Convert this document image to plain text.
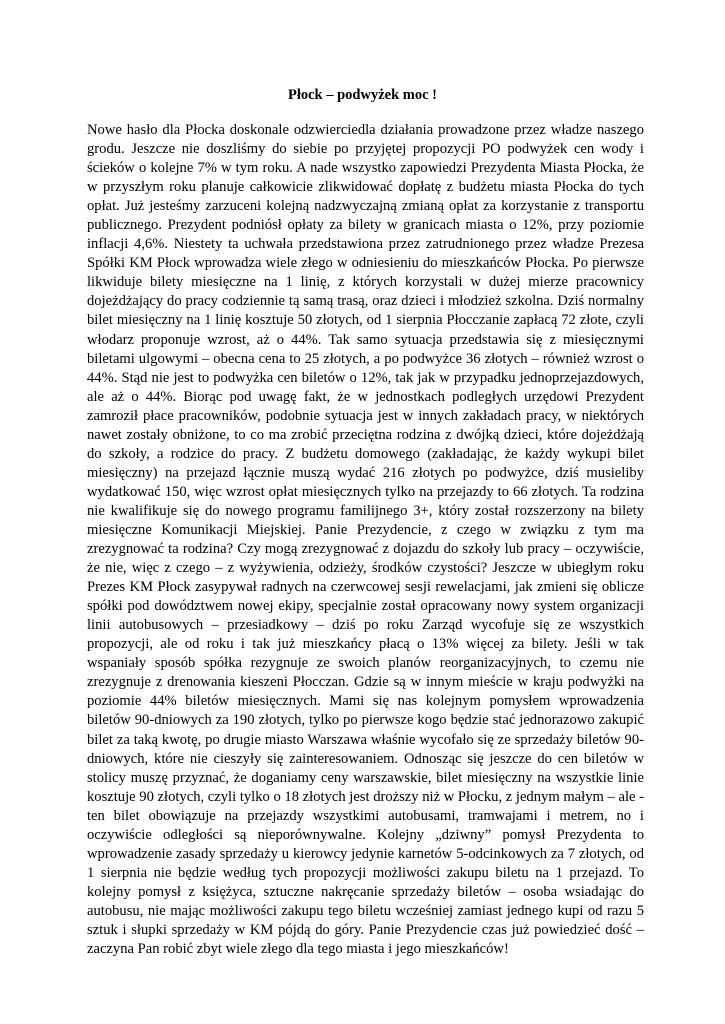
Płock – podwyżek moc !

Nowe hasło dla Płocka doskonale odzwierciedla działania prowadzone przez władze naszego grodu. Jeszcze nie doszliśmy do siebie po przyjętej propozycji PO podwyżek cen wody i ścieków o kolejne 7% w tym roku. A nade wszystko zapowiedzi Prezydenta Miasta Płocka, że w przyszłym roku planuje całkowicie zlikwidować dopłatę z budżetu miasta Płocka do tych opłat. Już jesteśmy zarzuceni kolejną nadzwyczajną zmianą opłat za korzystanie z transportu publicznego. Prezydent podniósł opłaty za bilety w granicach miasta o 12%, przy poziomie inflacji 4,6%. Niestety ta uchwała przedstawiona przez zatrudnionego przez władze Prezesa Spółki KM Płock wprowadza wiele złego w odniesieniu do mieszkańców Płocka. Po pierwsze likwiduje bilety miesięczne na 1 linię, z których korzystali w dużej mierze pracownicy dojeżdżający do pracy codziennie tą samą trasą, oraz dzieci i młodzież szkolna. Dziś normalny bilet miesięczny na 1 linię kosztuje 50 złotych, od 1 sierpnia Płocczanie zapłacą 72 złote, czyli włodarz proponuje wzrost, aż o 44%. Tak samo sytuacja przedstawia się z miesięcznymi biletami ulgowymi – obecna cena to 25 złotych, a po podwyżce 36 złotych – również wzrost o 44%. Stąd nie jest to podwyżka cen biletów o 12%, tak jak w przypadku jednoprzejazdowych, ale aż o 44%. Biorąc pod uwagę fakt, że w jednostkach podległych urzędowi Prezydent zamroził płace pracowników, podobnie sytuacja jest w innych zakładach pracy, w niektórych nawet zostały obniżone, to co ma zrobić przeciętna rodzina z dwójką dzieci, które dojeżdżają do szkoły, a rodzice do pracy. Z budżetu domowego (zakładając, że każdy wykupi bilet miesięczny) na przejazd łącznie muszą wydać 216 złotych po podwyżce, dziś musieliby wydatkować 150, więc wzrost opłat miesięcznych tylko na przejazdy to 66 złotych. Ta rodzina nie kwalifikuje się do nowego programu familijnego 3+, który został rozszerzony na bilety miesięczne Komunikacji Miejskiej. Panie Prezydencie, z czego w związku z tym ma zrezygnować ta rodzina? Czy mogą zrezygnować z dojazdu do szkoły lub pracy – oczywiście, że nie, więc z czego – z wyżywienia, odzieży, środków czystości? Jeszcze w ubiegłym roku Prezes KM Płock zasypywał radnych na czerwcowej sesji rewelacjami, jak zmieni się oblicze spółki pod dowództwem nowej ekipy, specjalnie został opracowany nowy system organizacji linii autobusowych – przesiadkowy – dziś po roku Zarząd wycofuje się ze wszystkich propozycji, ale od roku i tak już mieszkańcy płacą o 13% więcej za bilety. Jeśli w tak wspaniały sposób spółka rezygnuje ze swoich planów reorganizacyjnych, to czemu nie zrezygnuje z drenowania kieszeni Płocczan. Gdzie są w innym mieście w kraju podwyżki na poziomie 44% biletów miesięcznych. Mami się nas kolejnym pomysłem wprowadzenia biletów 90-dniowych za 190 złotych, tylko po pierwsze kogo będzie stać jednorazowo zakupić bilet za taką kwotę, po drugie miasto Warszawa właśnie wycofało się ze sprzedaży biletów 90-dniowych, które nie cieszyły się zainteresowaniem. Odnosząc się jeszcze do cen biletów w stolicy muszę przyznać, że doganiamy ceny warszawskie, bilet miesięczny na wszystkie linie kosztuje 90 złotych, czyli tylko o 18 złotych jest droższy niż w Płocku, z jednym małym – ale - ten bilet obowiązuje na przejazdy wszystkimi autobusami, tramwajami i metrem, no i oczywiście odległości są nieporównywalne. Kolejny „dziwny” pomysł Prezydenta to wprowadzenie zasady sprzedaży u kierowcy jedynie karnetów 5-odcinkowych za 7 złotych, od 1 sierpnia nie będzie według tych propozycji możliwości zakupu biletu na 1 przejazd. To kolejny pomysł z księżyca, sztuczne nakręcanie sprzedaży biletów – osoba wsiadając do autobusu, nie mając możliwości zakupu tego biletu wcześniej zamiast jednego kupi od razu 5 sztuk i słupki sprzedaży w KM pójdą do góry. Panie Prezydencie czas już powiedzieć dość – zaczyna Pan robić zbyt wiele złego dla tego miasta i jego mieszkańców!
